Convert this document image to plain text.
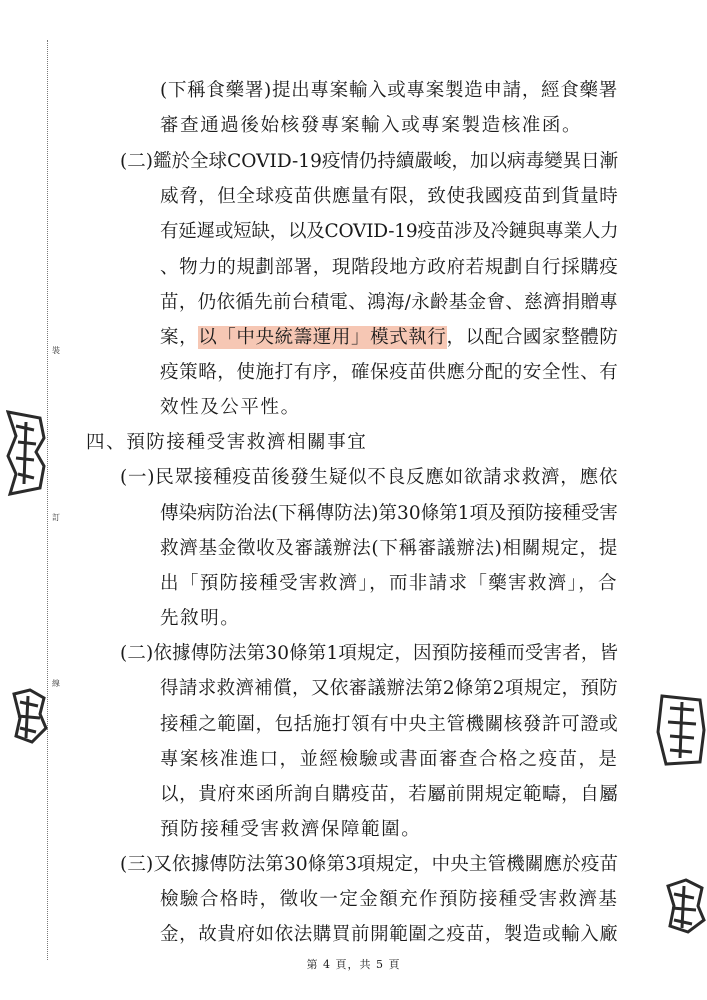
裝
訂
線
(下稱食藥署)提出專案輸入或專案製造申請，經食藥署
審查通過後始核發專案輸入或專案製造核准函。
(二)鑑於全球COVID-19疫情仍持續嚴峻，加以病毒變異日漸
威脅，但全球疫苗供應量有限，致使我國疫苗到貨量時
有延遲或短缺，以及COVID-19疫苗涉及冷鏈與專業人力
、物力的規劃部署，現階段地方政府若規劃自行採購疫
苗，仍依循先前台積電、鴻海/永齡基金會、慈濟捐贈專
案，以「中央統籌運用」模式執行，以配合國家整體防
疫策略，使施打有序，確保疫苗供應分配的安全性、有
效性及公平性。
四、預防接種受害救濟相關事宜
(一)民眾接種疫苗後發生疑似不良反應如欲請求救濟，應依
傳染病防治法(下稱傳防法)第30條第1項及預防接種受害
救濟基金徵收及審議辦法(下稱審議辦法)相關規定，提
出「預防接種受害救濟」，而非請求「藥害救濟」，合
先敘明。
(二)依據傳防法第30條第1項規定，因預防接種而受害者，皆
得請求救濟補償，又依審議辦法第2條第2項規定，預防
接種之範圍，包括施打領有中央主管機關核發許可證或
專案核准進口，並經檢驗或書面審查合格之疫苗，是
以，貴府來函所詢自購疫苗，若屬前開規定範疇，自屬
預防接種受害救濟保障範圍。
(三)又依據傳防法第30條第3項規定，中央主管機關應於疫苗
檢驗合格時，徵收一定金額充作預防接種受害救濟基
金，故貴府如依法購買前開範圍之疫苗，製造或輸入廠
第 4 頁，共 5 頁
